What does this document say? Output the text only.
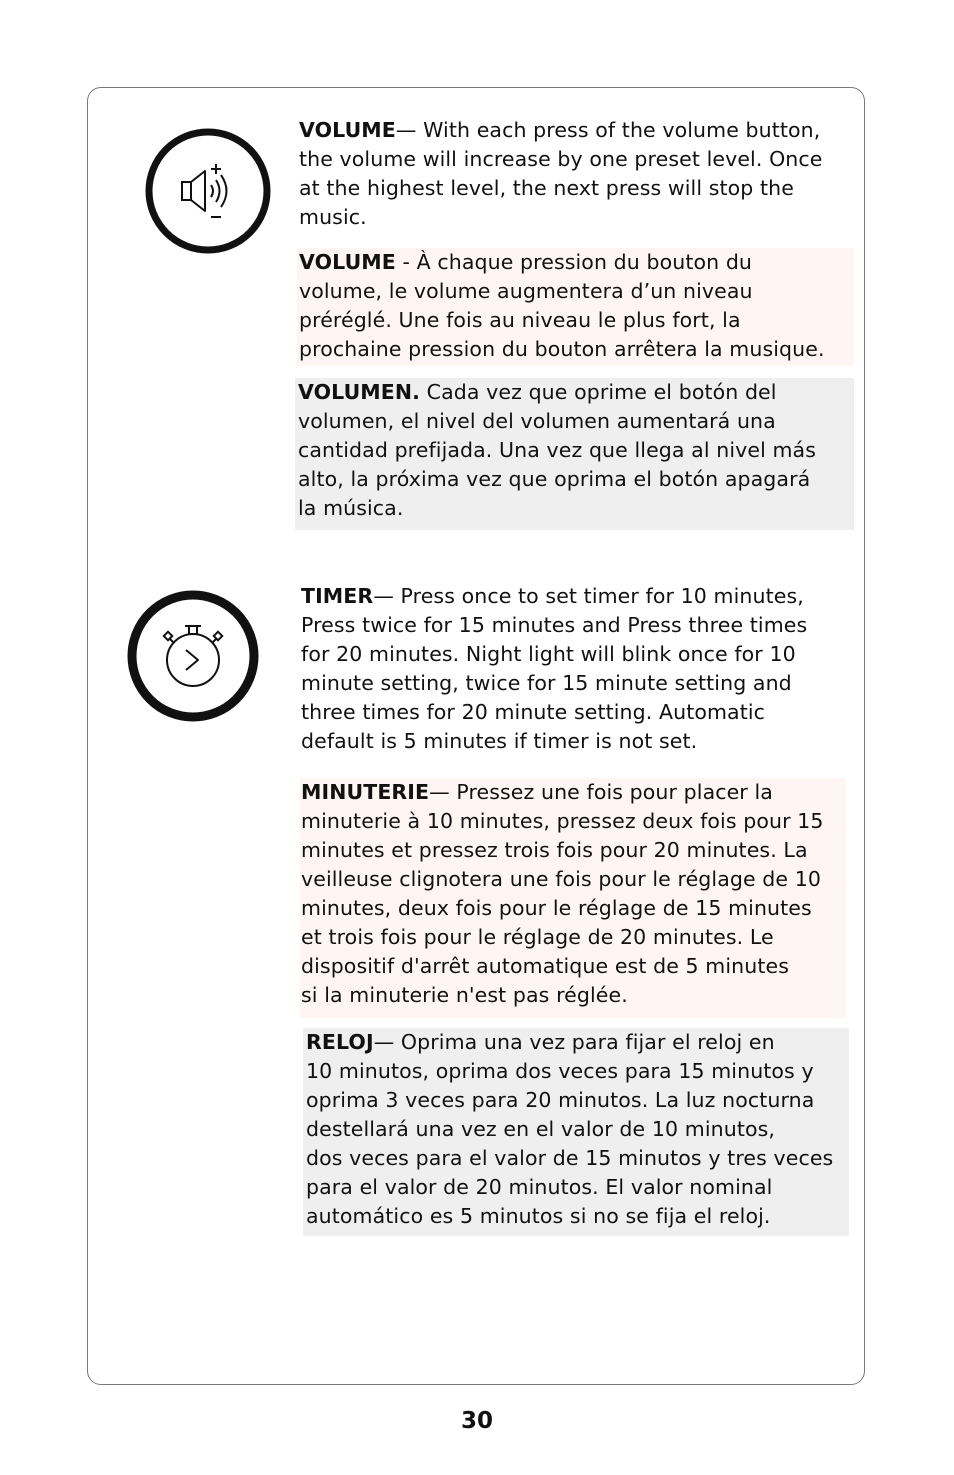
VOLUME— With each press of the volume button,
the volume will increase by one preset level. Once
at the highest level, the next press will stop the
music.
VOLUME - À chaque pression du bouton du
volume, le volume augmentera d’un niveau
préréglé. Une fois au niveau le plus fort, la
prochaine pression du bouton arrêtera la musique.
VOLUMEN. Cada vez que oprime el botón del
volumen, el nivel del volumen aumentará una
cantidad prefijada. Una vez que llega al nivel más
alto, la próxima vez que oprima el botón apagará
la música.
TIMER— Press once to set timer for 10 minutes,
Press twice for 15 minutes and Press three times
for 20 minutes. Night light will blink once for 10
minute setting, twice for 15 minute setting and
three times for 20 minute setting. Automatic
default is 5 minutes if timer is not set.
MINUTERIE— Pressez une fois pour placer la
minuterie à 10 minutes, pressez deux fois pour 15
minutes et pressez trois fois pour 20 minutes. La
veilleuse clignotera une fois pour le réglage de 10
minutes, deux fois pour le réglage de 15 minutes
et trois fois pour le réglage de 20 minutes. Le
dispositif d'arrêt automatique est de 5 minutes
si la minuterie n'est pas réglée.
RELOJ— Oprima una vez para fijar el reloj en
10 minutos, oprima dos veces para 15 minutos y
oprima 3 veces para 20 minutos. La luz nocturna
destellará una vez en el valor de 10 minutos,
dos veces para el valor de 15 minutos y tres veces
para el valor de 20 minutos. El valor nominal
automático es 5 minutos si no se fija el reloj.
30
